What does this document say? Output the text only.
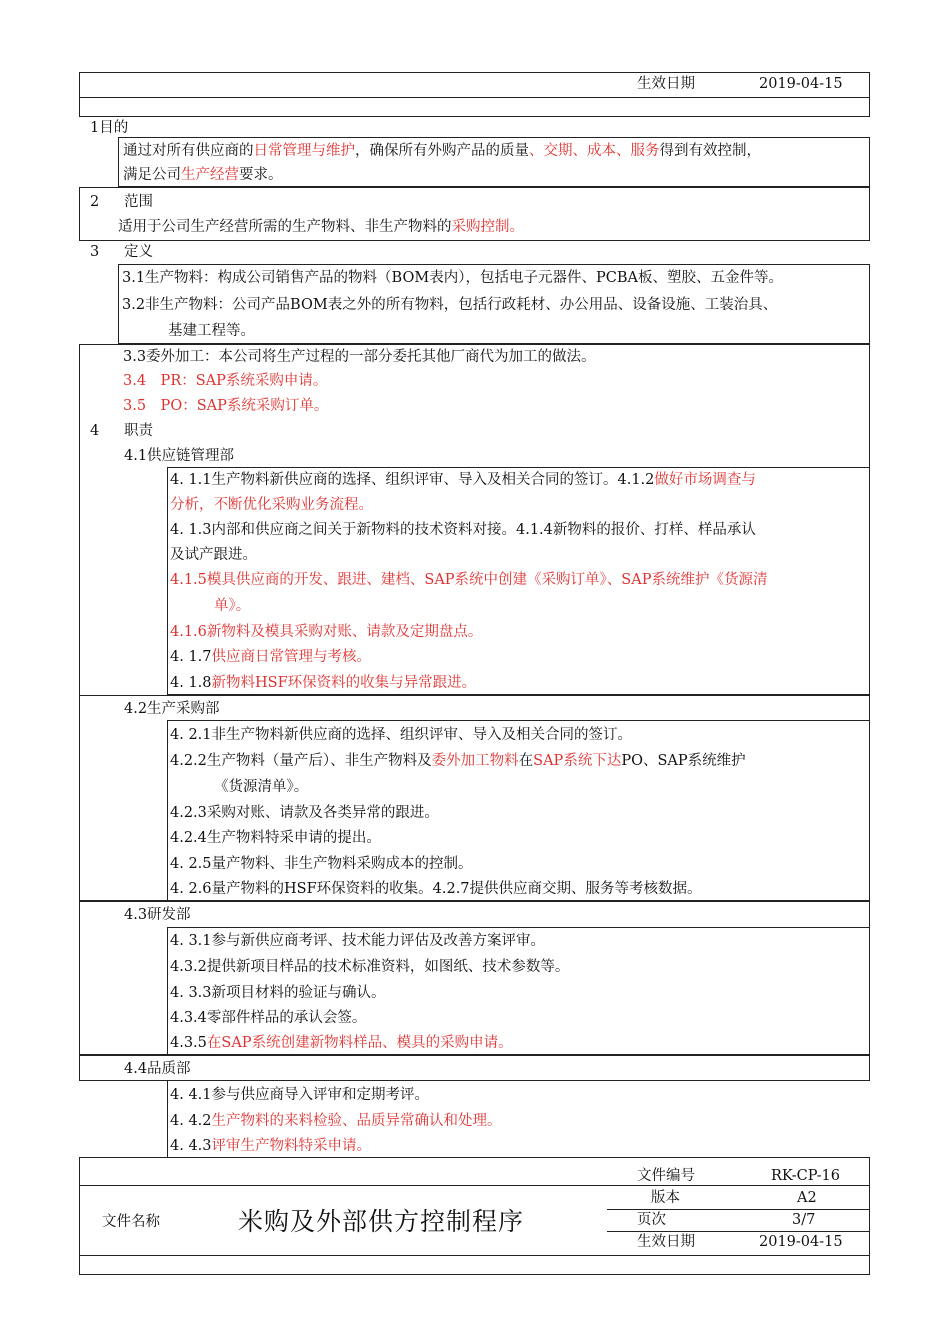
生效日期	2019-04-15
1目的
通过对所有供应商的日常管理与维护，确保所有外购产品的质量、交期、成本、服务得到有效控制，
满足公司生产经营要求。
2 范围
适用于公司生产经营所需的生产物料、非生产物料的采购控制。
3 定义
3.1生产物料：构成公司销售产品的物料（BOM表内），包括电子元器件、PCBA板、塑胶、五金件等。
3.2非生产物料：公司产品BOM表之外的所有物料，包括行政耗材、办公用品、设备设施、工装治具、
基建工程等。
3.3委外加工：本公司将生产过程的一部分委托其他厂商代为加工的做法。
3.4　PR：SAP系统采购申请。
3.5　PO：SAP系统采购订单。
4 职责
4.1供应链管理部
4. 1.1生产物料新供应商的选择、组织评审、导入及相关合同的签订。4.1.2做好市场调查与
分析，不断优化采购业务流程。
4. 1.3内部和供应商之间关于新物料的技术资料对接。4.1.4新物料的报价、打样、样品承认
及试产跟进。
4.1.5模具供应商的开发、跟进、建档、SAP系统中创建《采购订单》、SAP系统维护《货源清
单》。
4.1.6新物料及模具采购对账、请款及定期盘点。
4. 1.7供应商日常管理与考核。
4. 1.8新物料HSF环保资料的收集与异常跟进。
4.2生产采购部
4. 2.1非生产物料新供应商的选择、组织评审、导入及相关合同的签订。
4.2.2生产物料（量产后）、非生产物料及委外加工物料在SAP系统下达PO、SAP系统维护
《货源清单》。
4.2.3采购对账、请款及各类异常的跟进。
4.2.4生产物料特采申请的提出。
4. 2.5量产物料、非生产物料采购成本的控制。
4. 2.6量产物料的HSF环保资料的收集。4.2.7提供供应商交期、服务等考核数据。
4.3研发部
4. 3.1参与新供应商考评、技术能力评估及改善方案评审。
4.3.2提供新项目样品的技术标准资料，如图纸、技术参数等。
4. 3.3新项目材料的验证与确认。
4.3.4零部件样品的承认会签。
4.3.5在SAP系统创建新物料样品、模具的采购申请。
4.4品质部
4. 4.1参与供应商导入评审和定期考评。
4. 4.2生产物料的来料检验、品质异常确认和处理。
4. 4.3评审生产物料特采申请。
文件名称	米购及外部供方控制程序
文件编号	RK-CP-16
版本	A2
页次	3/7
生效日期	2019-04-15
